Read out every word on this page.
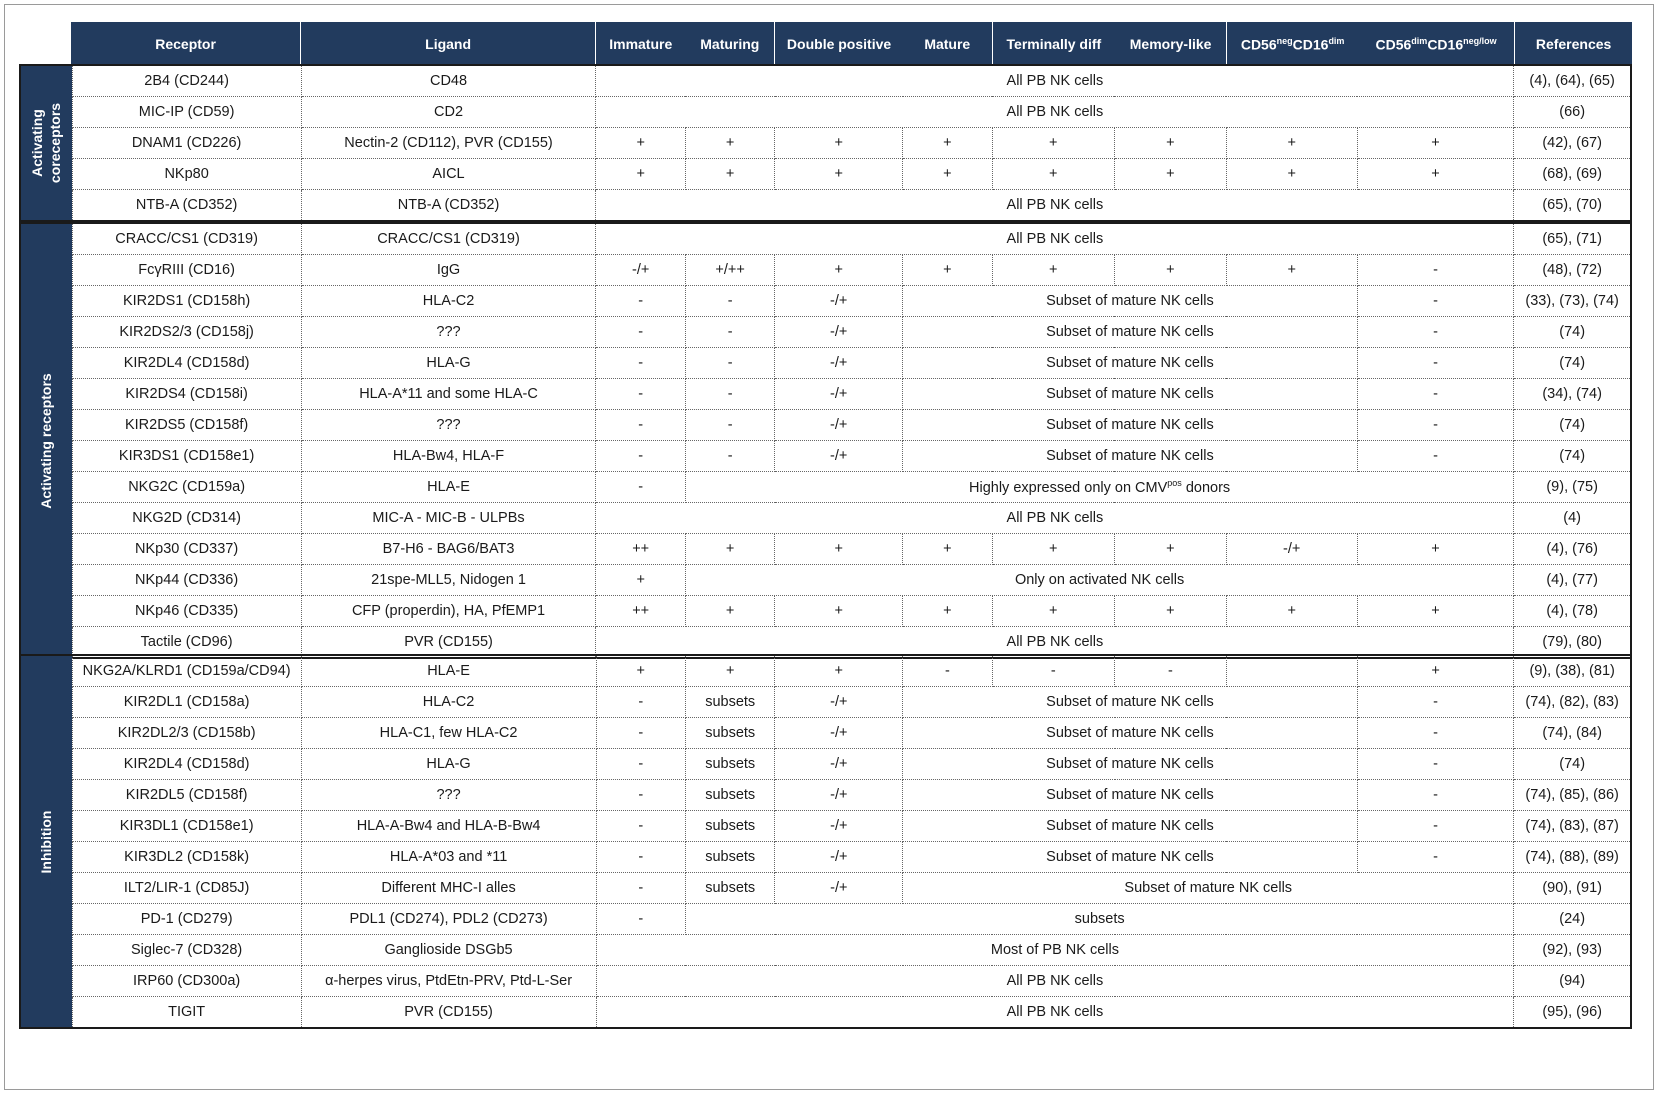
	Receptor	Ligand	Immature	Maturing	Double positive	Mature	Terminally diff	Memory-like	$CD56^{neg}CD16^{dim}$	$CD56^{dim}CD16^{neg/low}$	References
Activating coreceptors	2B4 (CD244)	CD48	All PB NK cells								(4), (64), (65)
	MIC-IP (CD59)	CD2	All PB NK cells								(66)
	DNAM1 (CD226)	Nectin-2 (CD112), PVR (CD155)	+	+	+	+	+	+	+	+	(42), (67)
	NKp80	AICL	+	+	+	+	+	+	+	+	(68), (69)
	NTB-A (CD352)	NTB-A (CD352)	All PB NK cells								(65), (70)
Activating receptors	CRACC/CS1 (CD319)	CRACC/CS1 (CD319)	All PB NK cells								(65), (71)
	FcγRIII (CD16)	IgG	-/+	+/++	+	+	+	+	+	-	(48), (72)
	KIR2DS1 (CD158h)	HLA-C2	-	-	-/+	Subset of mature NK cells				-	(33), (73), (74)
	KIR2DS2/3 (CD158j)	???	-	-	-/+	Subset of mature NK cells				-	(74)
	KIR2DL4 (CD158d)	HLA-G	-	-	-/+	Subset of mature NK cells				-	(74)
	KIR2DS4 (CD158i)	HLA-A*11 and some HLA-C	-	-	-/+	Subset of mature NK cells				-	(34), (74)
	KIR2DS5 (CD158f)	???	-	-	-/+	Subset of mature NK cells				-	(74)
	KIR3DS1 (CD158e1)	HLA-Bw4, HLA-F	-	-	-/+	Subset of mature NK cells				-	(74)
	NKG2C (CD159a)	HLA-E	-	Highly expressed only on $CMV^{pos}$ donors							(9), (75)
	NKG2D (CD314)	MIC-A - MIC-B - ULPBs	All PB NK cells								(4)
	NKp30 (CD337)	B7-H6 - BAG6/BAT3	++	+	+	+	+	+	-/+	+	(4), (76)
	NKp44 (CD336)	21spe-MLL5, Nidogen 1	+	Only on activated NK cells							(4), (77)
	NKp46 (CD335)	CFP (properdin), HA, PfEMP1	++	+	+	+	+	+	+	+	(4), (78)
	Tactile (CD96)	PVR (CD155)	All PB NK cells								(79), (80)
Inhibition	NKG2A/KLRD1 (CD159a/CD94)	HLA-E	+	+	+	-	-	-		+	(9), (38), (81)
	KIR2DL1 (CD158a)	HLA-C2	-	subsets	-/+	Subset of mature NK cells				-	(74), (82), (83)
	KIR2DL2/3 (CD158b)	HLA-C1, few HLA-C2	-	subsets	-/+	Subset of mature NK cells				-	(74), (84)
	KIR2DL4 (CD158d)	HLA-G	-	subsets	-/+	Subset of mature NK cells				-	(74)
	KIR2DL5 (CD158f)	???	-	subsets	-/+	Subset of mature NK cells				-	(74), (85), (86)
	KIR3DL1 (CD158e1)	HLA-A-Bw4 and HLA-B-Bw4	-	subsets	-/+	Subset of mature NK cells				-	(74), (83), (87)
	KIR3DL2 (CD158k)	HLA-A*03 and *11	-	subsets	-/+	Subset of mature NK cells				-	(74), (88), (89)
	ILT2/LIR-1 (CD85J)	Different MHC-I alles	-	subsets	-/+	Subset of mature NK cells					(90), (91)
	PD-1 (CD279)	PDL1 (CD274), PDL2 (CD273)	-	subsets							(24)
	Siglec-7 (CD328)	Ganglioside DSGb5	Most of PB NK cells								(92), (93)
	IRP60 (CD300a)	α-herpes virus, PtdEtn-PRV, Ptd-L-Ser	All PB NK cells								(94)
	TIGIT	PVR (CD155)	All PB NK cells								(95), (96)
